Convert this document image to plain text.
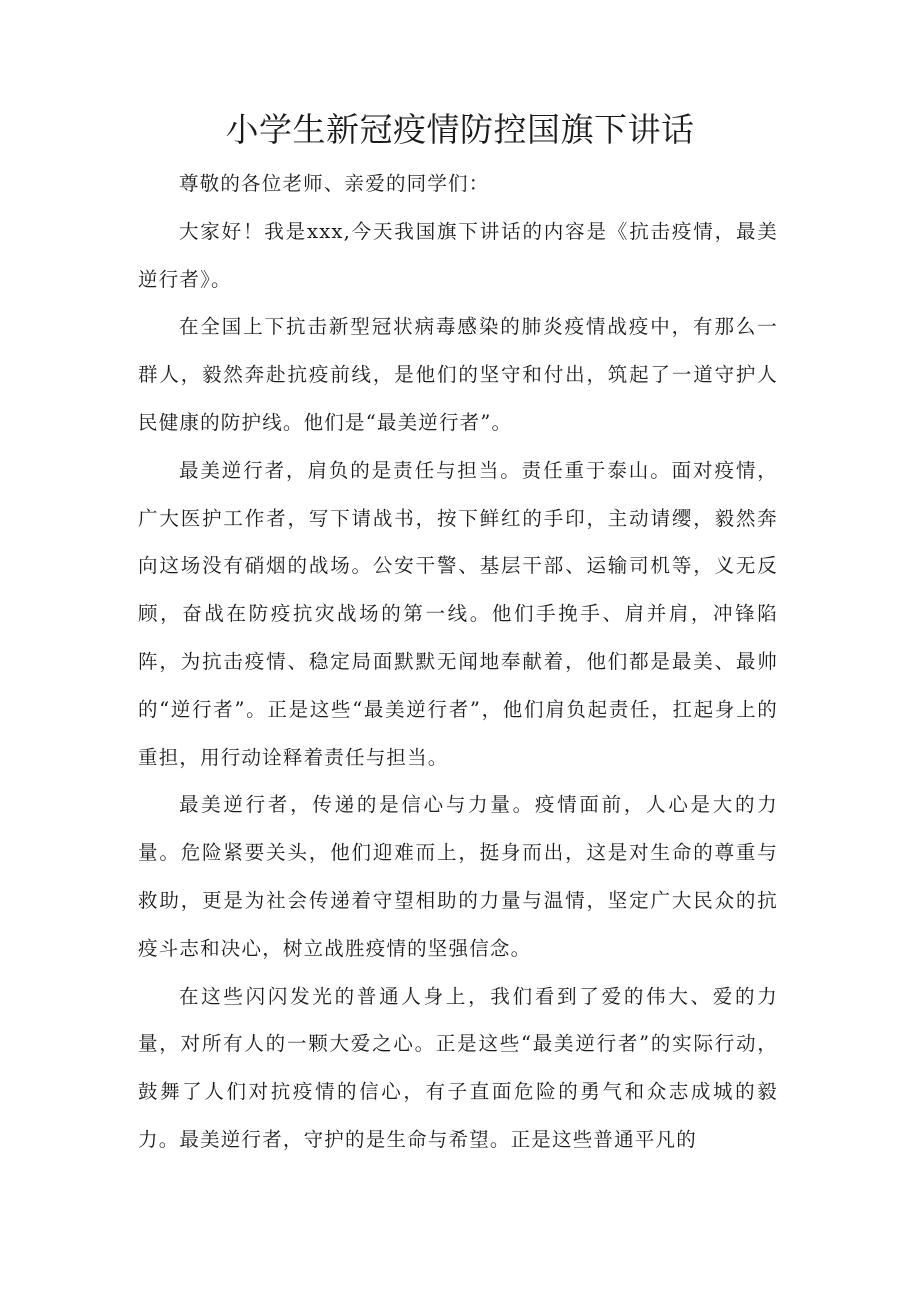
小学生新冠疫情防控国旗下讲话

尊敬的各位老师、亲爱的同学们：

大家好！我是xxx,今天我国旗下讲话的内容是《抗击疫情，最美逆行者》。

在全国上下抗击新型冠状病毒感染的肺炎疫情战疫中，有那么一群人，毅然奔赴抗疫前线，是他们的坚守和付出，筑起了一道守护人民健康的防护线。他们是“最美逆行者”。

最美逆行者，肩负的是责任与担当。责任重于泰山。面对疫情，广大医护工作者，写下请战书，按下鲜红的手印，主动请缨，毅然奔向这场没有硝烟的战场。公安干警、基层干部、运输司机等，义无反顾，奋战在防疫抗灾战场的第一线。他们手挽手、肩并肩，冲锋陷阵，为抗击疫情、稳定局面默默无闻地奉献着，他们都是最美、最帅的“逆行者”。正是这些“最美逆行者”，他们肩负起责任，扛起身上的重担，用行动诠释着责任与担当。

最美逆行者，传递的是信心与力量。疫情面前，人心是大的力量。危险紧要关头，他们迎难而上，挺身而出，这是对生命的尊重与救助，更是为社会传递着守望相助的力量与温情，坚定广大民众的抗疫斗志和决心，树立战胜疫情的坚强信念。

在这些闪闪发光的普通人身上，我们看到了爱的伟大、爱的力量，对所有人的一颗大爱之心。正是这些“最美逆行者”的实际行动，鼓舞了人们对抗疫情的信心，有子直面危险的勇气和众志成城的毅力。最美逆行者，守护的是生命与希望。正是这些普通平凡的
